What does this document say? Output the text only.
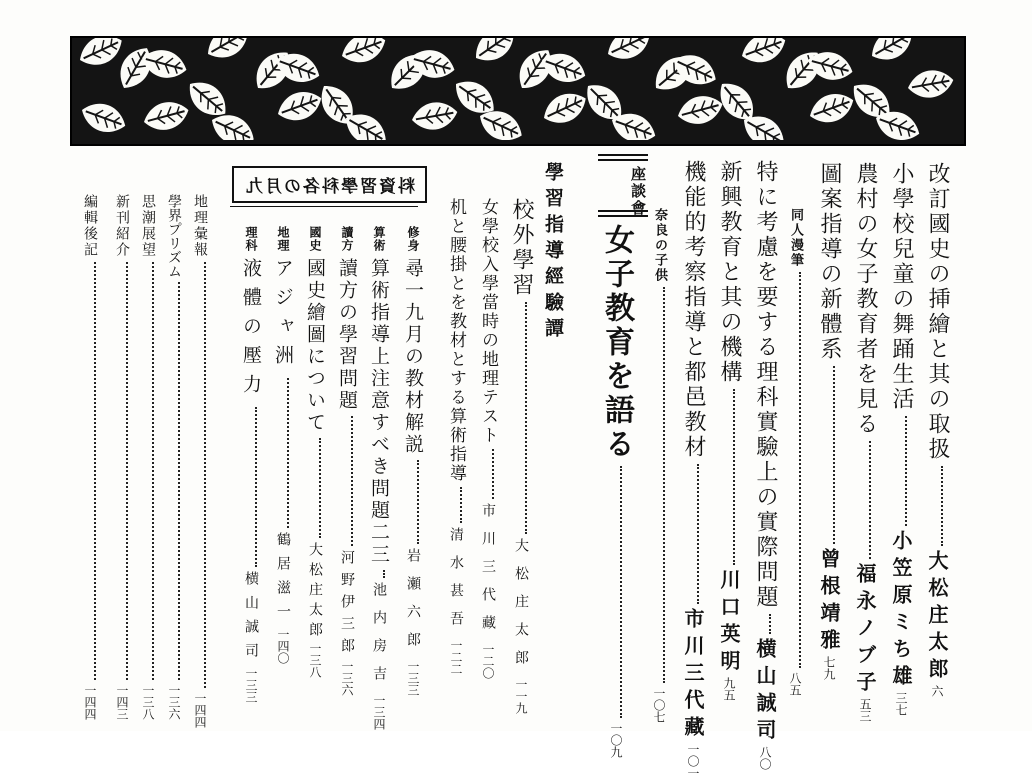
改訂國史の挿繪と其の取扱大松庄太郎六
小學校兒童の舞踊生活小笠原ミち雄三七
農村の女子教育者を見る福永ノブ子五三
圖案指導の新體系曾根靖雅七九
同人漫筆八五
特に考慮を要する理科實驗上の實際問題横山誠司八〇
新興教育と其の機構川口英明九五
機能的考察指導と都邑教材市川三代藏一〇一
奈良の子供一〇七
座談會
女子教育を語る一〇九
學習指導經驗譚
校外學習大松庄太郎一一九
女學校入學當時の地理テスト市川三代藏一二〇
机と腰掛とを教材とする算術指導清水甚吾一二二
九月の各科學習資料
修身尋一九月の教材解説岩瀬六郎一三三
算術算術指導上注意すべき問題二三池内房吉一三四
讀方讀方の學習問題河野伊三郎一三六
國史國史繪圖について大松庄太郎一三八
地理アジャ洲鶴居滋一一四〇
理科液體の壓力横山誠司一三三
地理彙報一四四
學界プリズム一三六
思潮展望一三八
新刊紹介一四三
編輯後記一四四
